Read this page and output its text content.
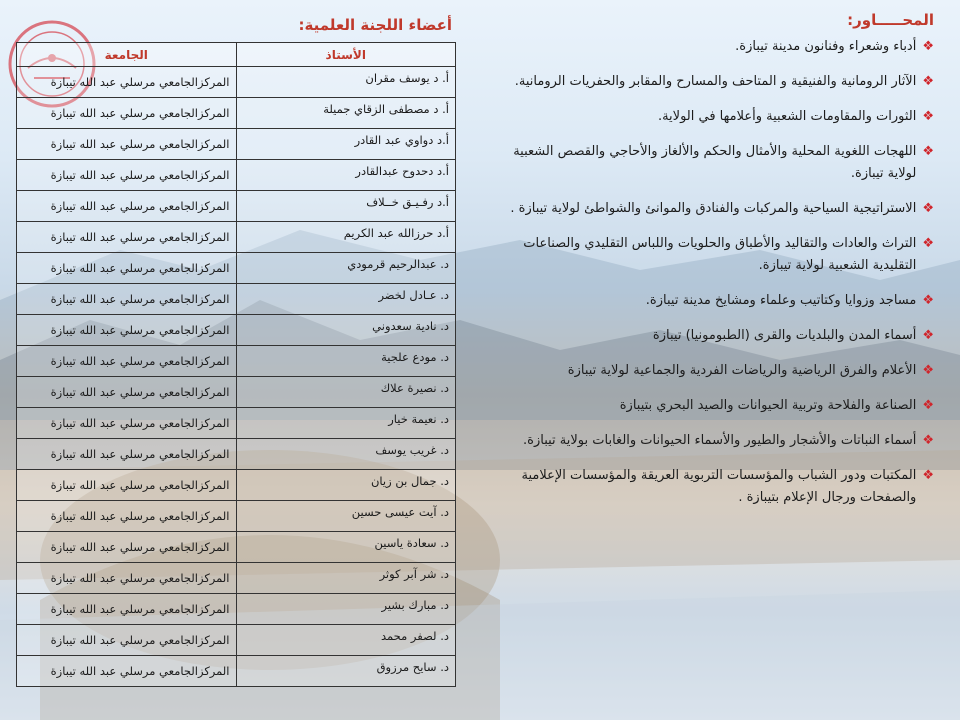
المحـــــاور:
❖
أدباء وشعراء وفنانون مدينة تيبازة.
❖
الآثار الرومانية والفنيقية و المتاحف والمسارح والمقابر والحفريات الرومانية.
❖
الثورات والمقاومات الشعبية وأعلامها في الولاية.
❖
اللهجات اللغوية المحلية والأمثال والحكم والألغاز والأحاجي والقصص الشعبية لولاية تيبازة.
❖
الاستراتيجية السياحية والمركبات والفنادق والموانئ والشواطئ لولاية تيبازة .
❖
التراث والعادات والتقاليد والأطباق والحلويات واللباس التقليدي والصناعات التقليدية الشعبية لولاية تيبازة.
❖
مساجد وزوايا وكتاتيب وعلماء ومشايخ مدينة تيبازة.
❖
أسماء المدن والبلديات والقرى (الطبومونيا) تيبازة
❖
الأعلام والفرق الرياضية والرياضات الفردية والجماعية لولاية تيبازة
❖
الصناعة والفلاحة وتربية الحيوانات والصيد البحري بتيبازة
❖
أسماء النباتات والأشجار والطيور والأسماء الحيوانات والغابات بولاية تيبازة.
❖
المكتبات ودور الشباب والمؤسسات التربوية العريقة والمؤسسات الإعلامية والصفحات ورجال الإعلام بتيبازة .
أعضاء اللجنة العلمية:
الأستاذ	الجامعة
أ. د يوسف مقران	المركزالجامعي مرسلي عبد الله تيبازة
أ. د مصطفى الزقاي جميلة	المركزالجامعي مرسلي عبد الله تيبازة
أ.د دواوي عبد القادر	المركزالجامعي مرسلي عبد الله تيبازة
أ.د دحدوح عبدالقادر	المركزالجامعي مرسلي عبد الله تيبازة
أ.د رفـيـق خــلاف	المركزالجامعي مرسلي عبد الله تيبازة
أ.د حرزالله عبد الكريم	المركزالجامعي مرسلي عبد الله تيبازة
د. عبدالرحيم قرمودي	المركزالجامعي مرسلي عبد الله تيبازة
د. عـادل لخضر	المركزالجامعي مرسلي عبد الله تيبازة
د. نادية سعدوني	المركزالجامعي مرسلي عبد الله تيبازة
د. مودع علجية	المركزالجامعي مرسلي عبد الله تيبازة
د. نصيرة علاك	المركزالجامعي مرسلي عبد الله تيبازة
د. نعيمة خيار	المركزالجامعي مرسلي عبد الله تيبازة
د. غريب يوسف	المركزالجامعي مرسلي عبد الله تيبازة
د. جمال بن زيان	المركزالجامعي مرسلي عبد الله تيبازة
د. آيت عيسى حسين	المركزالجامعي مرسلي عبد الله تيبازة
د. سعادة ياسين	المركزالجامعي مرسلي عبد الله تيبازة
د. شر آبر كوثر	المركزالجامعي مرسلي عبد الله تيبازة
د. مبارك بشير	المركزالجامعي مرسلي عبد الله تيبازة
د. لصفر محمد	المركزالجامعي مرسلي عبد الله تيبازة
د. سايح مرزوق	المركزالجامعي مرسلي عبد الله تيبازة
